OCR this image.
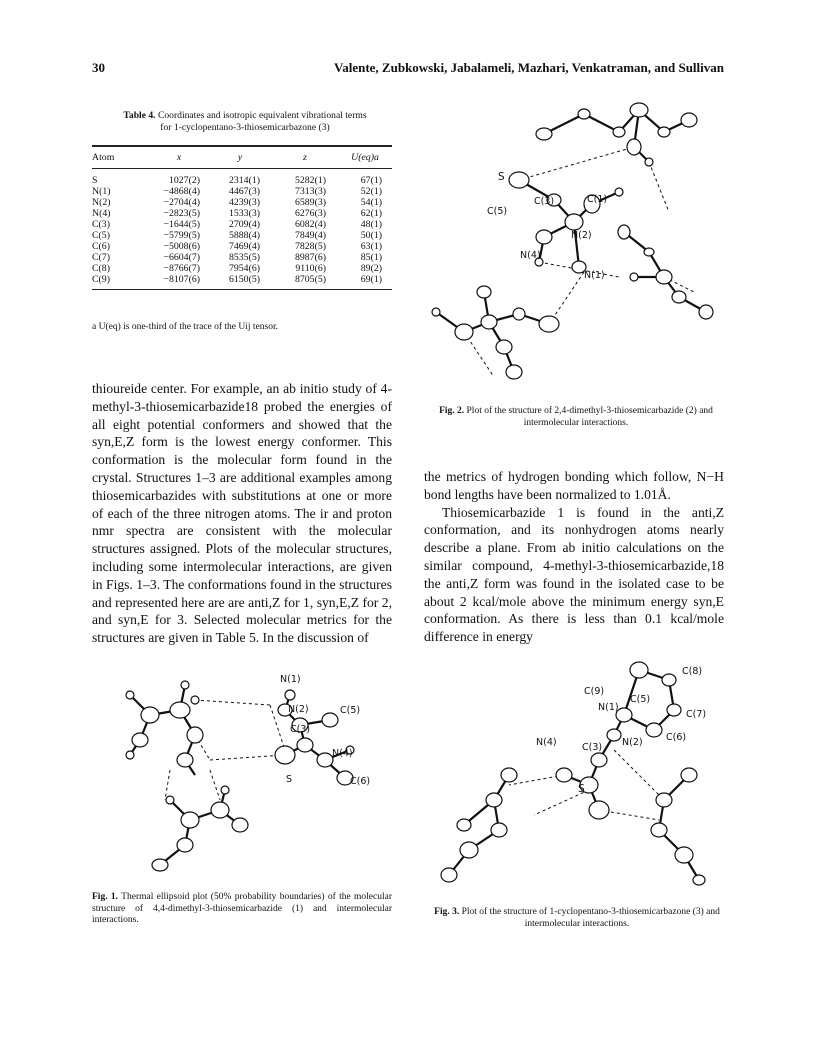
30	Valente, Zubkowski, Jabalameli, Mazhari, Venkatraman, and Sullivan
Table 4. Coordinates and isotropic equivalent vibrational terms
for 1-cyclopentano-3-thiosemicarbazone (3)
Atom	x	y	z	U(eq)a

S	1027(2)	2314(1)	5282(1)	67(1)
N(1)	−4868(4)	4467(3)	7313(3)	52(1)
N(2)	−2704(4)	4239(3)	6589(3)	54(1)
N(4)	−2823(5)	1533(3)	6276(3)	62(1)
C(3)	−1644(5)	2709(4)	6082(4)	48(1)
C(5)	−5799(5)	5888(4)	7849(4)	50(1)
C(6)	−5008(6)	7469(4)	7828(5)	63(1)
C(7)	−6604(7)	8535(5)	8987(6)	85(1)
C(8)	−8766(7)	7954(6)	9110(6)	89(2)
C(9)	−8107(6)	6150(5)	8705(5)	69(1)
a U(eq) is one-third of the trace of the Uij tensor.
thioureide center. For example, an ab initio study of 4-methyl-3-thiosemicarbazide18 probed the energies of all eight potential conformers and showed that the syn,E,Z form is the lowest energy conformer. This conformation is the molecular form found in the crystal. Structures 1–3 are additional examples among thiosemicarbazides with substitutions at one or more of each of the three nitrogen atoms. The ir and proton nmr spectra are consistent with the molecular structures assigned. Plots of the molecular structures, including some intermolecular interactions, are given in Figs. 1–3. The conformations found in the structures and represented here are are anti,Z for 1, syn,E,Z for 2, and syn,E for 3. Selected molecular metrics for the structures are given in Table 5. In the discussion of
S
C(3)	C(1)
C(5)
N(2)
N(4)
N(1)
Fig. 2. Plot of the structure of 2,4-dimethyl-3-thiosemicarbazide (2) and intermolecular interactions.
the metrics of hydrogen bonding which follow, N−H bond lengths have been normalized to 1.01Å.
Thiosemicarbazide 1 is found in the anti,Z conformation, and its nonhydrogen atoms nearly describe a plane. From ab initio calculations on the similar compound, 4-methyl-3-thiosemicarbazide,18 the anti,Z form was found in the isolated case to be about 2 kcal/mole above the minimum energy syn,E conformation. As there is less than 0.1 kcal/mole difference in energy
N(1)
N(2)	C(5)
C(3)
N(4)
S	C(6)
Fig. 1. Thermal ellipsoid plot (50% probability boundaries) of the molecular structure of 4,4-dimethyl-3-thiosemicarbazide (1) and intermolecular interactions.
C(8)
C(9)
C(5)
N(1)
C(7)
C(6)
N(4)	C(3) N(2)
S
Fig. 3. Plot of the structure of 1-cyclopentano-3-thiosemicarbazone (3) and intermolecular interactions.
